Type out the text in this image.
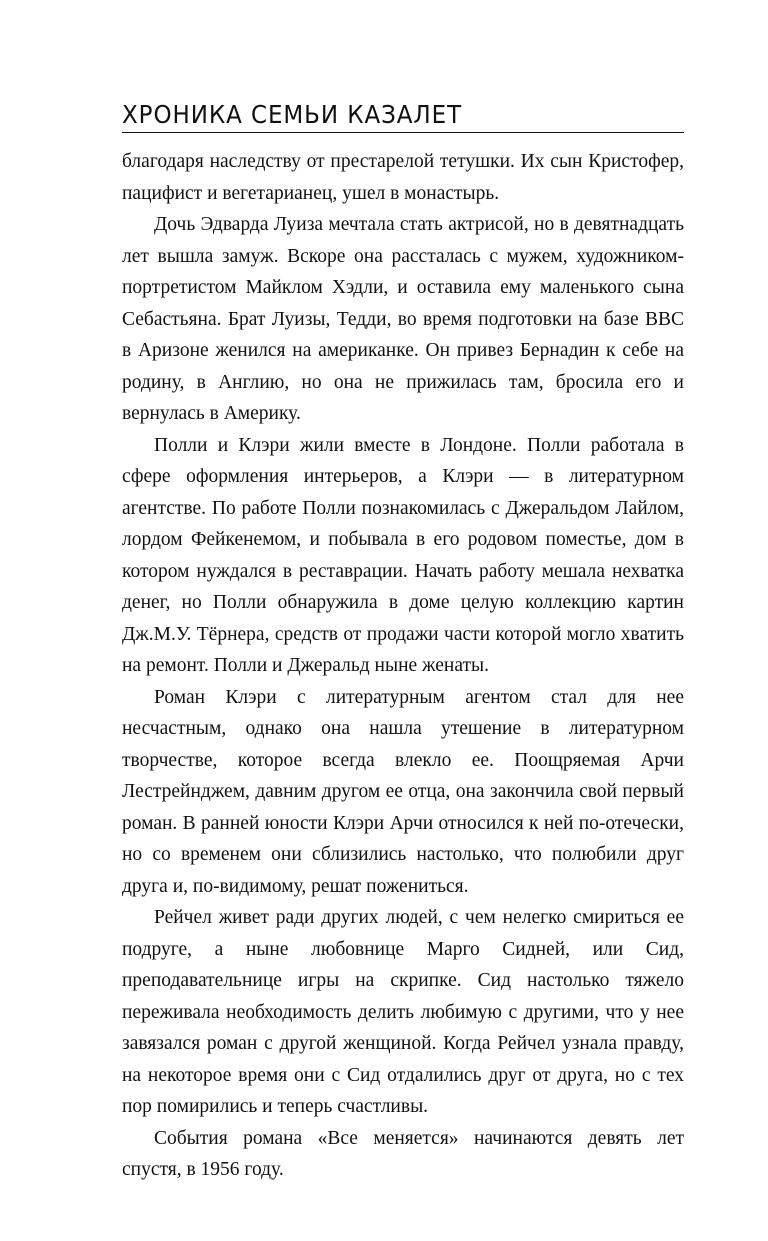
ХРОНИКА СЕМЬИ КАЗАЛЕТ

благодаря наследству от престарелой тетушки. Их сын Кристофер, пацифист и вегетарианец, ушел в монастырь.

Дочь Эдварда Луиза мечтала стать актрисой, но в девятнадцать лет вышла замуж. Вскоре она рассталась с мужем, художником-портретистом Майклом Хэдли, и оставила ему маленького сына Себастьяна. Брат Луизы, Тедди, во время подготовки на базе ВВС в Аризоне женился на американке. Он привез Бернадин к себе на родину, в Англию, но она не прижилась там, бросила его и вернулась в Америку.

Полли и Клэри жили вместе в Лондоне. Полли работала в сфере оформления интерьеров, а Клэри — в литературном агентстве. По работе Полли познакомилась с Джеральдом Лайлом, лордом Фейкенемом, и побывала в его родовом поместье, дом в котором нуждался в реставрации. Начать работу мешала нехватка денег, но Полли обнаружила в доме целую коллекцию картин Дж.М.У. Тёрнера, средств от продажи части которой могло хватить на ремонт. Полли и Джеральд ныне женаты.

Роман Клэри с литературным агентом стал для нее несчастным, однако она нашла утешение в литературном творчестве, которое всегда влекло ее. Поощряемая Арчи Лестрейнджем, давним другом ее отца, она закончила свой первый роман. В ранней юности Клэри Арчи относился к ней по-отечески, но со временем они сблизились настолько, что полюбили друг друга и, по-видимому, решат пожениться.

Рейчел живет ради других людей, с чем нелегко смириться ее подруге, а ныне любовнице Марго Сидней, или Сид, преподавательнице игры на скрипке. Сид настолько тяжело переживала необходимость делить любимую с другими, что у нее завязался роман с другой женщиной. Когда Рейчел узнала правду, на некоторое время они с Сид отдалились друг от друга, но с тех пор помирились и теперь счастливы.

События романа «Все меняется» начинаются девять лет спустя, в 1956 году.
